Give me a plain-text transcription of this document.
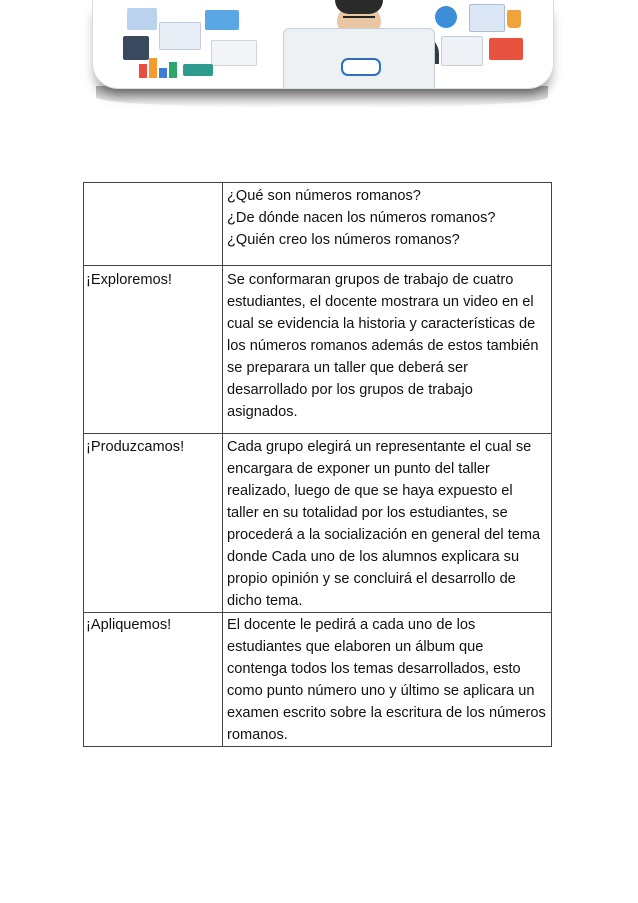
	¿Qué son números romanos?
¿De dónde nacen los números romanos?
¿Quién creo los números romanos?

¡Exploremos!	Se conformaran grupos de trabajo de cuatro estudiantes, el docente mostrara un video en el cual se evidencia la historia y características de los números romanos además de estos también se preparara un taller que deberá ser desarrollado por los grupos de trabajo asignados.
¡Produzcamos!	Cada grupo elegirá un representante el cual se encargara de exponer un punto del taller realizado, luego de que se haya expuesto el taller en su totalidad por los estudiantes, se procederá a la socialización en general del tema donde Cada uno de los alumnos explicara su propio opinión y se concluirá el desarrollo de dicho tema.
¡Apliquemos!	El docente le pedirá a cada uno de los estudiantes que elaboren un álbum que contenga todos los temas desarrollados, esto como punto número uno y último se aplicara un examen escrito sobre la escritura de los números romanos.
